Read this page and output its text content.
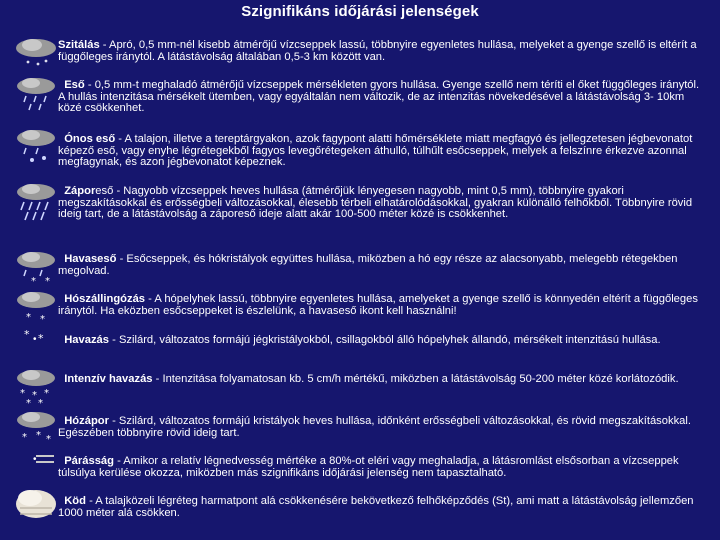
Szignifikáns időjárási jelenségek
Szitálás - Apró, 0,5 mm-nél kisebb átmérőjű vízcseppek lassú, többnyire egyenletes hullása, melyeket a gyenge szellő is eltérít a függőleges iránytól. A látástávolság általában 0,5-3 km között van.
Eső - 0,5 mm-t meghaladó átmérőjű vízcseppek mérsékleten gyors hullása. Gyenge szellő nem téríti el őket függőleges iránytól. A hullás intenzitása mérsékelt ütemben, vagy egyáltalán nem változik, de az intenzitás növekedésével a látástávolság 3- 10km közé csökkenhet.
Ónos eső - A talajon, illetve a tereptárgyakon, azok fagypont alatti hőmérséklete miatt megfagyó és jellegzetesen jégbevonatot képező eső, vagy enyhe légrétegekből fagyos levegőrétegeken áthulló, túlhűlt esőcseppek, melyek a felszínre érkezve azonnal megfagynak, és azon jégbevonatot képeznek.
Záporeső - Nagyobb vízcseppek heves hullása (átmérőjük lényegesen nagyobb, mint 0,5 mm), többnyire gyakori megszakításokkal és erősségbeli változásokkal, élesebb térbeli elhatárolódásokkal, gyakran különálló felhőkből. Többnyire rövid ideig tart, de a látástávolság a záporeső ideje alatt akár 100-500 méter közé is csökkenhet.
* *
Havaseső - Esőcseppek, és hókristályok együttes hullása, miközben a hó egy része az alacsonyabb, melegebb rétegekben megolvad.
* *
Hószállingózás - A hópelyhek lassú, többnyire egyenletes hullása, amelyeket a gyenge szellő is könnyedén eltérít a függőleges iránytól. Ha eközben esőcseppeket is észlelünk, a havaseső ikont kell használni!
•
* *	Havazás - Szilárd, változatos formájú jégkristályokból, csillagokból álló hópelyhek állandó, mérsékelt intenzitású hullása.
* * *
* *
Intenzív havazás - Intenzitása folyamatosan kb. 5 cm/h mértékű, miközben a látástávolság 50-200 méter közé korlátozódik.
* * *
Hózápor - Szilárd, változatos formájú kristályok heves hullása, időnként erősségbeli változásokkal, és rövid megszakításokkal. Egészében többnyire rövid ideig tart.
•	Párásság - Amikor a relatív légnedvesség mértéke a 80%-ot eléri vagy meghaladja, a látásromlást elsősorban a vízcseppek túlsúlya kerülése okozza, miközben más szignifikáns időjárási jelenség nem tapasztalható.
Köd - A talajközeli légréteg harmatpont alá csökkenésére bekövetkező felhőképződés (St), ami matt a látástávolság jellemzően 1000 méter alá csökken.
